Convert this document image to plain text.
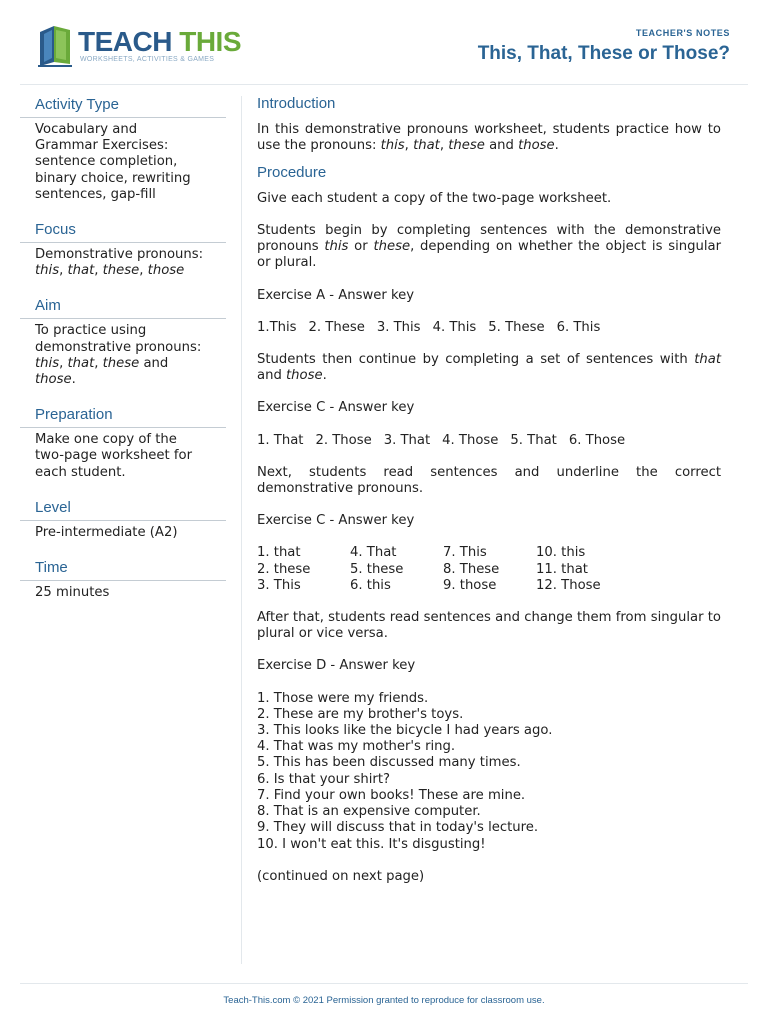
TEACH THIS
WORKSHEETS, ACTIVITIES & GAMES
TEACHER'S NOTES
This, That, These or Those?
Activity Type
Vocabulary and
Grammar Exercises:
sentence completion,
binary choice, rewriting
sentences, gap-fill
Focus
Demonstrative pronouns:
this, that, these, those
Aim
To practice using
demonstrative pronouns:
this, that, these and
those.
Preparation
Make one copy of the
two-page worksheet for
each student.
Level
Pre-intermediate (A2)
Time
25 minutes
Introduction
In this demonstrative pronouns worksheet, students practice how to use the pronouns: this, that, these and those.
Procedure
Give each student a copy of the two-page worksheet.
Students begin by completing sentences with the demonstrative pronouns this or these, depending on whether the object is singular or plural.
Exercise A - Answer key
1.This 2. These 3. This 4. This 5. These 6. This
Students then continue by completing a set of sentences with that and those.
Exercise C - Answer key
1. That 2. Those 3. That 4. Those 5. That 6. Those
Next, students read sentences and underline the correct demonstrative pronouns.
Exercise C - Answer key
1. that	4. That	7. This	10. this
2. these	5. these	8. These	11. that
3. This	6. this	9. those	12. Those
After that, students read sentences and change them from singular to plural or vice versa.
Exercise D - Answer key
1. Those were my friends.
2. These are my brother's toys.
3. This looks like the bicycle I had years ago.
4. That was my mother's ring.
5. This has been discussed many times.
6. Is that your shirt?
7. Find your own books! These are mine.
8. That is an expensive computer.
9. They will discuss that in today's lecture.
10. I won't eat this. It's disgusting!
(continued on next page)
Teach-This.com © 2021 Permission granted to reproduce for classroom use.
